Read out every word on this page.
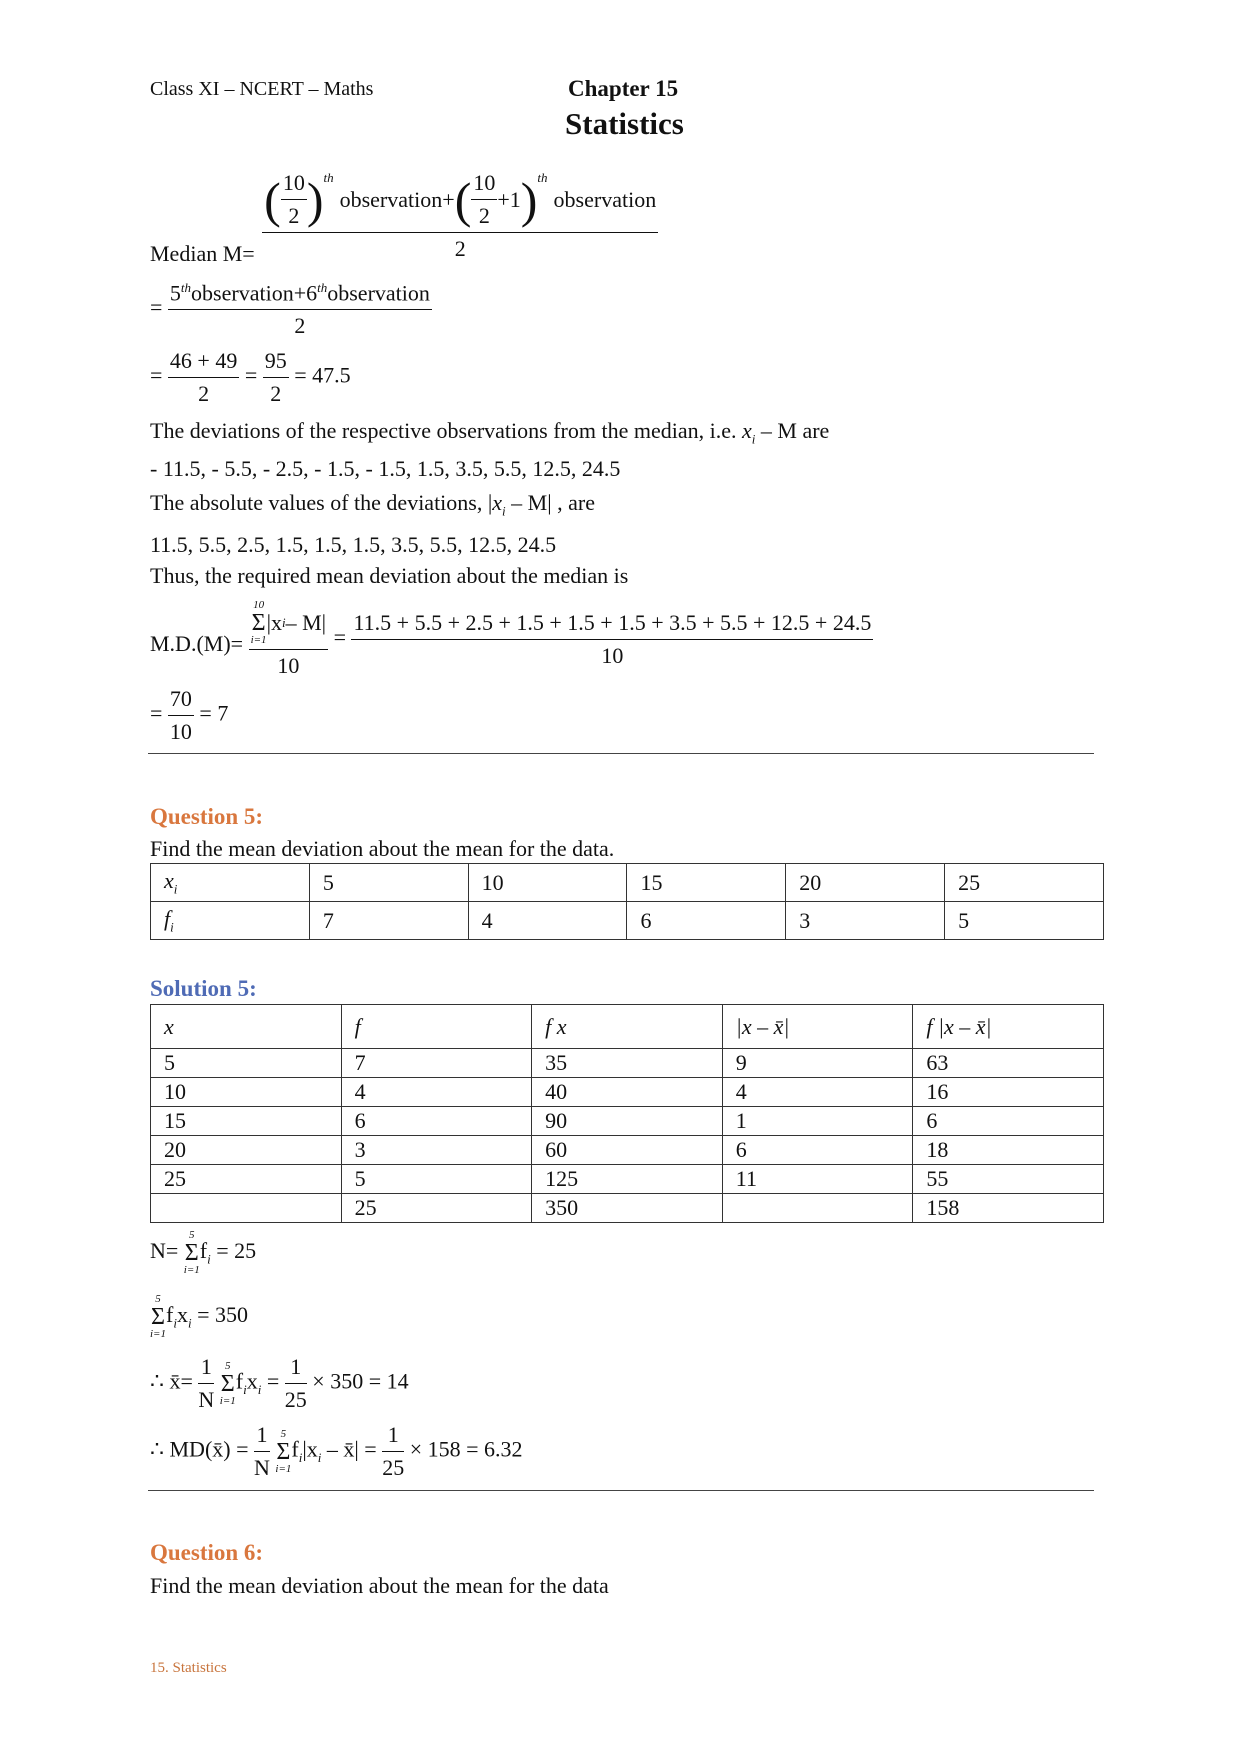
Class XI – NCERT – Maths	Chapter 15
Statistics
Median M=
( $\frac{10}{2} )^{th}$
observation + ( $\frac{10}{2} +1$ )$^{th}$
observation
2
= $\frac{5^{th}observation+6^{th}observation}{2}$
= $\frac{46 + 49}{2} = \frac{95}{2} = 47.5$
The deviations of the respective observations from the median, i.e. $x_i$ – M are
- 11.5, - 5.5, - 2.5, - 1.5, - 1.5, 1.5, 3.5, 5.5, 12.5, 24.5
The absolute values of the deviations, $|x_i - M|$ , are
11.5, 5.5, 2.5, 1.5, 1.5, 1.5, 3.5, 5.5, 12.5, 24.5
Thus, the required mean deviation about the median is
M.D.(M)= 10
Σ
i=1
|x i – M|
$10 = \frac{11.5 + 5.5 + 2.5 + 1.5 + 1.5 + 1.5 + 3.5 + 5.5 + 12.5 + 24.5}{10}$
= $\frac{70}{10} = 7$
Question 5:
Find the mean deviation about the mean for the data.
$x_i$	5	10	15	20	25
$f_i$	7	4	6	3	5
Solution 5:
x	f	f x	|x – x̄|	f |x – x̄|
5	7	35	9	63
10	4	40	4	16
15	6	90	1	6
20	3	60	6	18
25	5	125	11	55
	25	350		158
N=
5
Σ
i=1
$f_i = 25$
5
Σ
i=1
$f_ix_i = 350$
∴ x̄= $\frac{1}{N}$
5
Σ
i=1
$f_ix_i = \frac{1}{25} \times 350 = 14$
∴ MD(x̄) = $\frac{1}{N}$
5
Σ
i=1
$f_i|x_i$ – x̄| = $\frac{1}{25} \times 158 = 6.32$
Question 6:
Find the mean deviation about the mean for the data
15. Statistics
